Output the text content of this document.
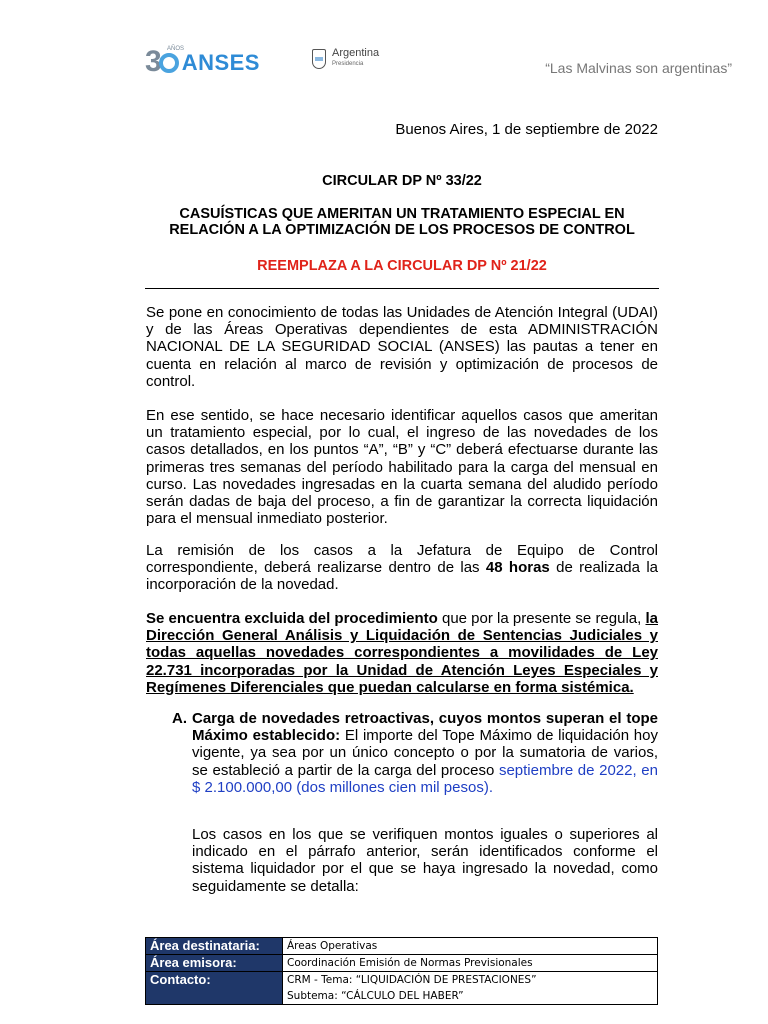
3	AÑOS
ANSES	Argentina
Presidencia	“Las Malvinas son argentinas”
Buenos Aires, 1 de septiembre de 2022
CIRCULAR DP Nº 33/22
CASUÍSTICAS QUE AMERITAN UN TRATAMIENTO ESPECIAL EN RELACIÓN A LA OPTIMIZACIÓN DE LOS PROCESOS DE CONTROL
REEMPLAZA A LA CIRCULAR DP Nº 21/22
Se pone en conocimiento de todas las Unidades de Atención Integral (UDAI) y de las Áreas Operativas dependientes de esta ADMINISTRACIÓN NACIONAL DE LA SEGURIDAD SOCIAL (ANSES) las pautas a tener en cuenta en relación al marco de revisión y optimización de procesos de control.
En ese sentido, se hace necesario identificar aquellos casos que ameritan un tratamiento especial, por lo cual, el ingreso de las novedades de los casos detallados, en los puntos “A”, “B” y “C” deberá efectuarse durante las primeras tres semanas del período habilitado para la carga del mensual en curso. Las novedades ingresadas en la cuarta semana del aludido período serán dadas de baja del proceso, a fin de garantizar la correcta liquidación para el mensual inmediato posterior.
La remisión de los casos a la Jefatura de Equipo de Control correspondiente, deberá realizarse dentro de las 48 horas de realizada la incorporación de la novedad.
Se encuentra excluida del procedimiento que por la presente se regula, la Dirección General Análisis y Liquidación de Sentencias Judiciales y todas aquellas novedades correspondientes a movilidades de Ley 22.731 incorporadas por la Unidad de Atención Leyes Especiales y Regímenes Diferenciales que puedan calcularse en forma sistémica.
A. Carga de novedades retroactivas, cuyos montos superan el tope Máximo establecido: El importe del Tope Máximo de liquidación hoy vigente, ya sea por un único concepto o por la sumatoria de varios, se estableció a partir de la carga del proceso septiembre de 2022, en $ 2.100.000,00 (dos millones cien mil pesos).
Los casos en los que se verifiquen montos iguales o superiores al indicado en el párrafo anterior, serán identificados conforme el sistema liquidador por el que se haya ingresado la novedad, como seguidamente se detalla:
Área destinataria:	Áreas Operativas
Área emisora:	Coordinación Emisión de Normas Previsionales
Contacto:	CRM - Tema: “LIQUIDACIÓN DE PRESTACIONES”
Subtema: “CÁLCULO DEL HABER”
